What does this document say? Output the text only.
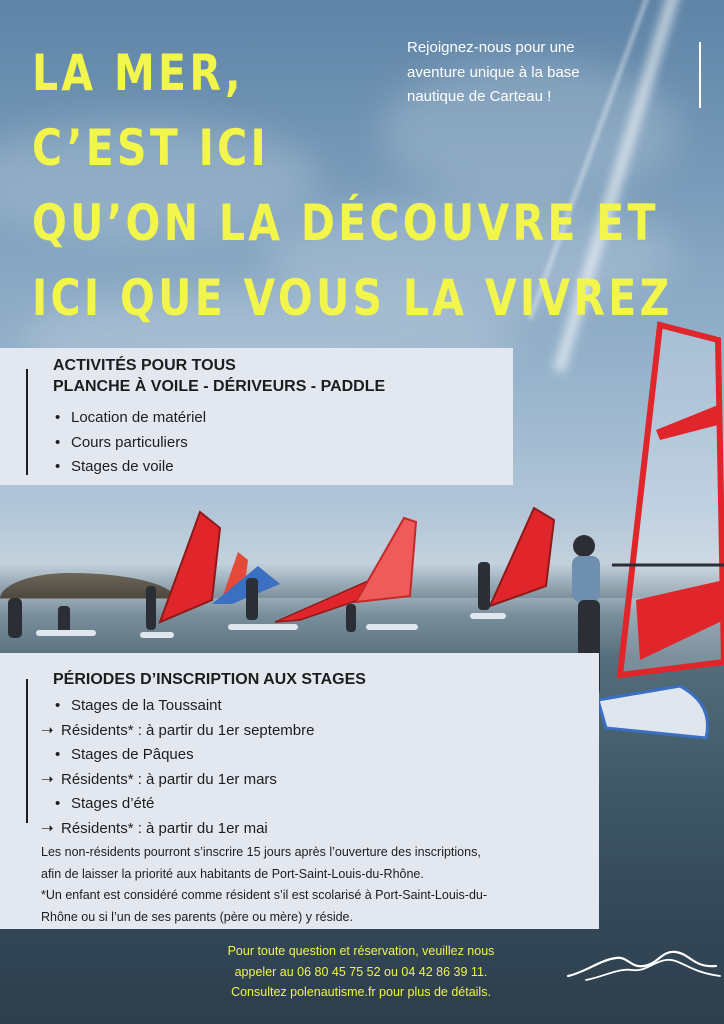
LA MER,
C’EST ICI
QU’ON LA DÉCOUVRE ET
ICI QUE VOUS LA VIVREZ
Rejoignez-nous pour une
aventure unique à la base
nautique de Carteau !
ACTIVITÉS POUR TOUS
PLANCHE À VOILE - DÉRIVEURS - PADDLE
• Location de matériel
• Cours particuliers
• Stages de voile
PÉRIODES D’INSCRIPTION AUX STAGES
• Stages de la Toussaint
➝ Résidents* : à partir du 1er septembre
• Stages de Pâques
➝ Résidents* : à partir du 1er mars
• Stages d’été
➝ Résidents* : à partir du 1er mai
Les non-résidents pourront s’inscrire 15 jours après l’ouverture des inscriptions,
afin de laisser la priorité aux habitants de Port-Saint-Louis-du-Rhône.
*Un enfant est considéré comme résident s’il est scolarisé à Port-Saint-Louis-du-
Rhône ou si l’un de ses parents (père ou mère) y réside.

Pour toute question et réservation, veuillez nous

appeler au 06 80 45 75 52 ou 04 42 86 39 11.

Consultez polenautisme.fr pour plus de détails.
